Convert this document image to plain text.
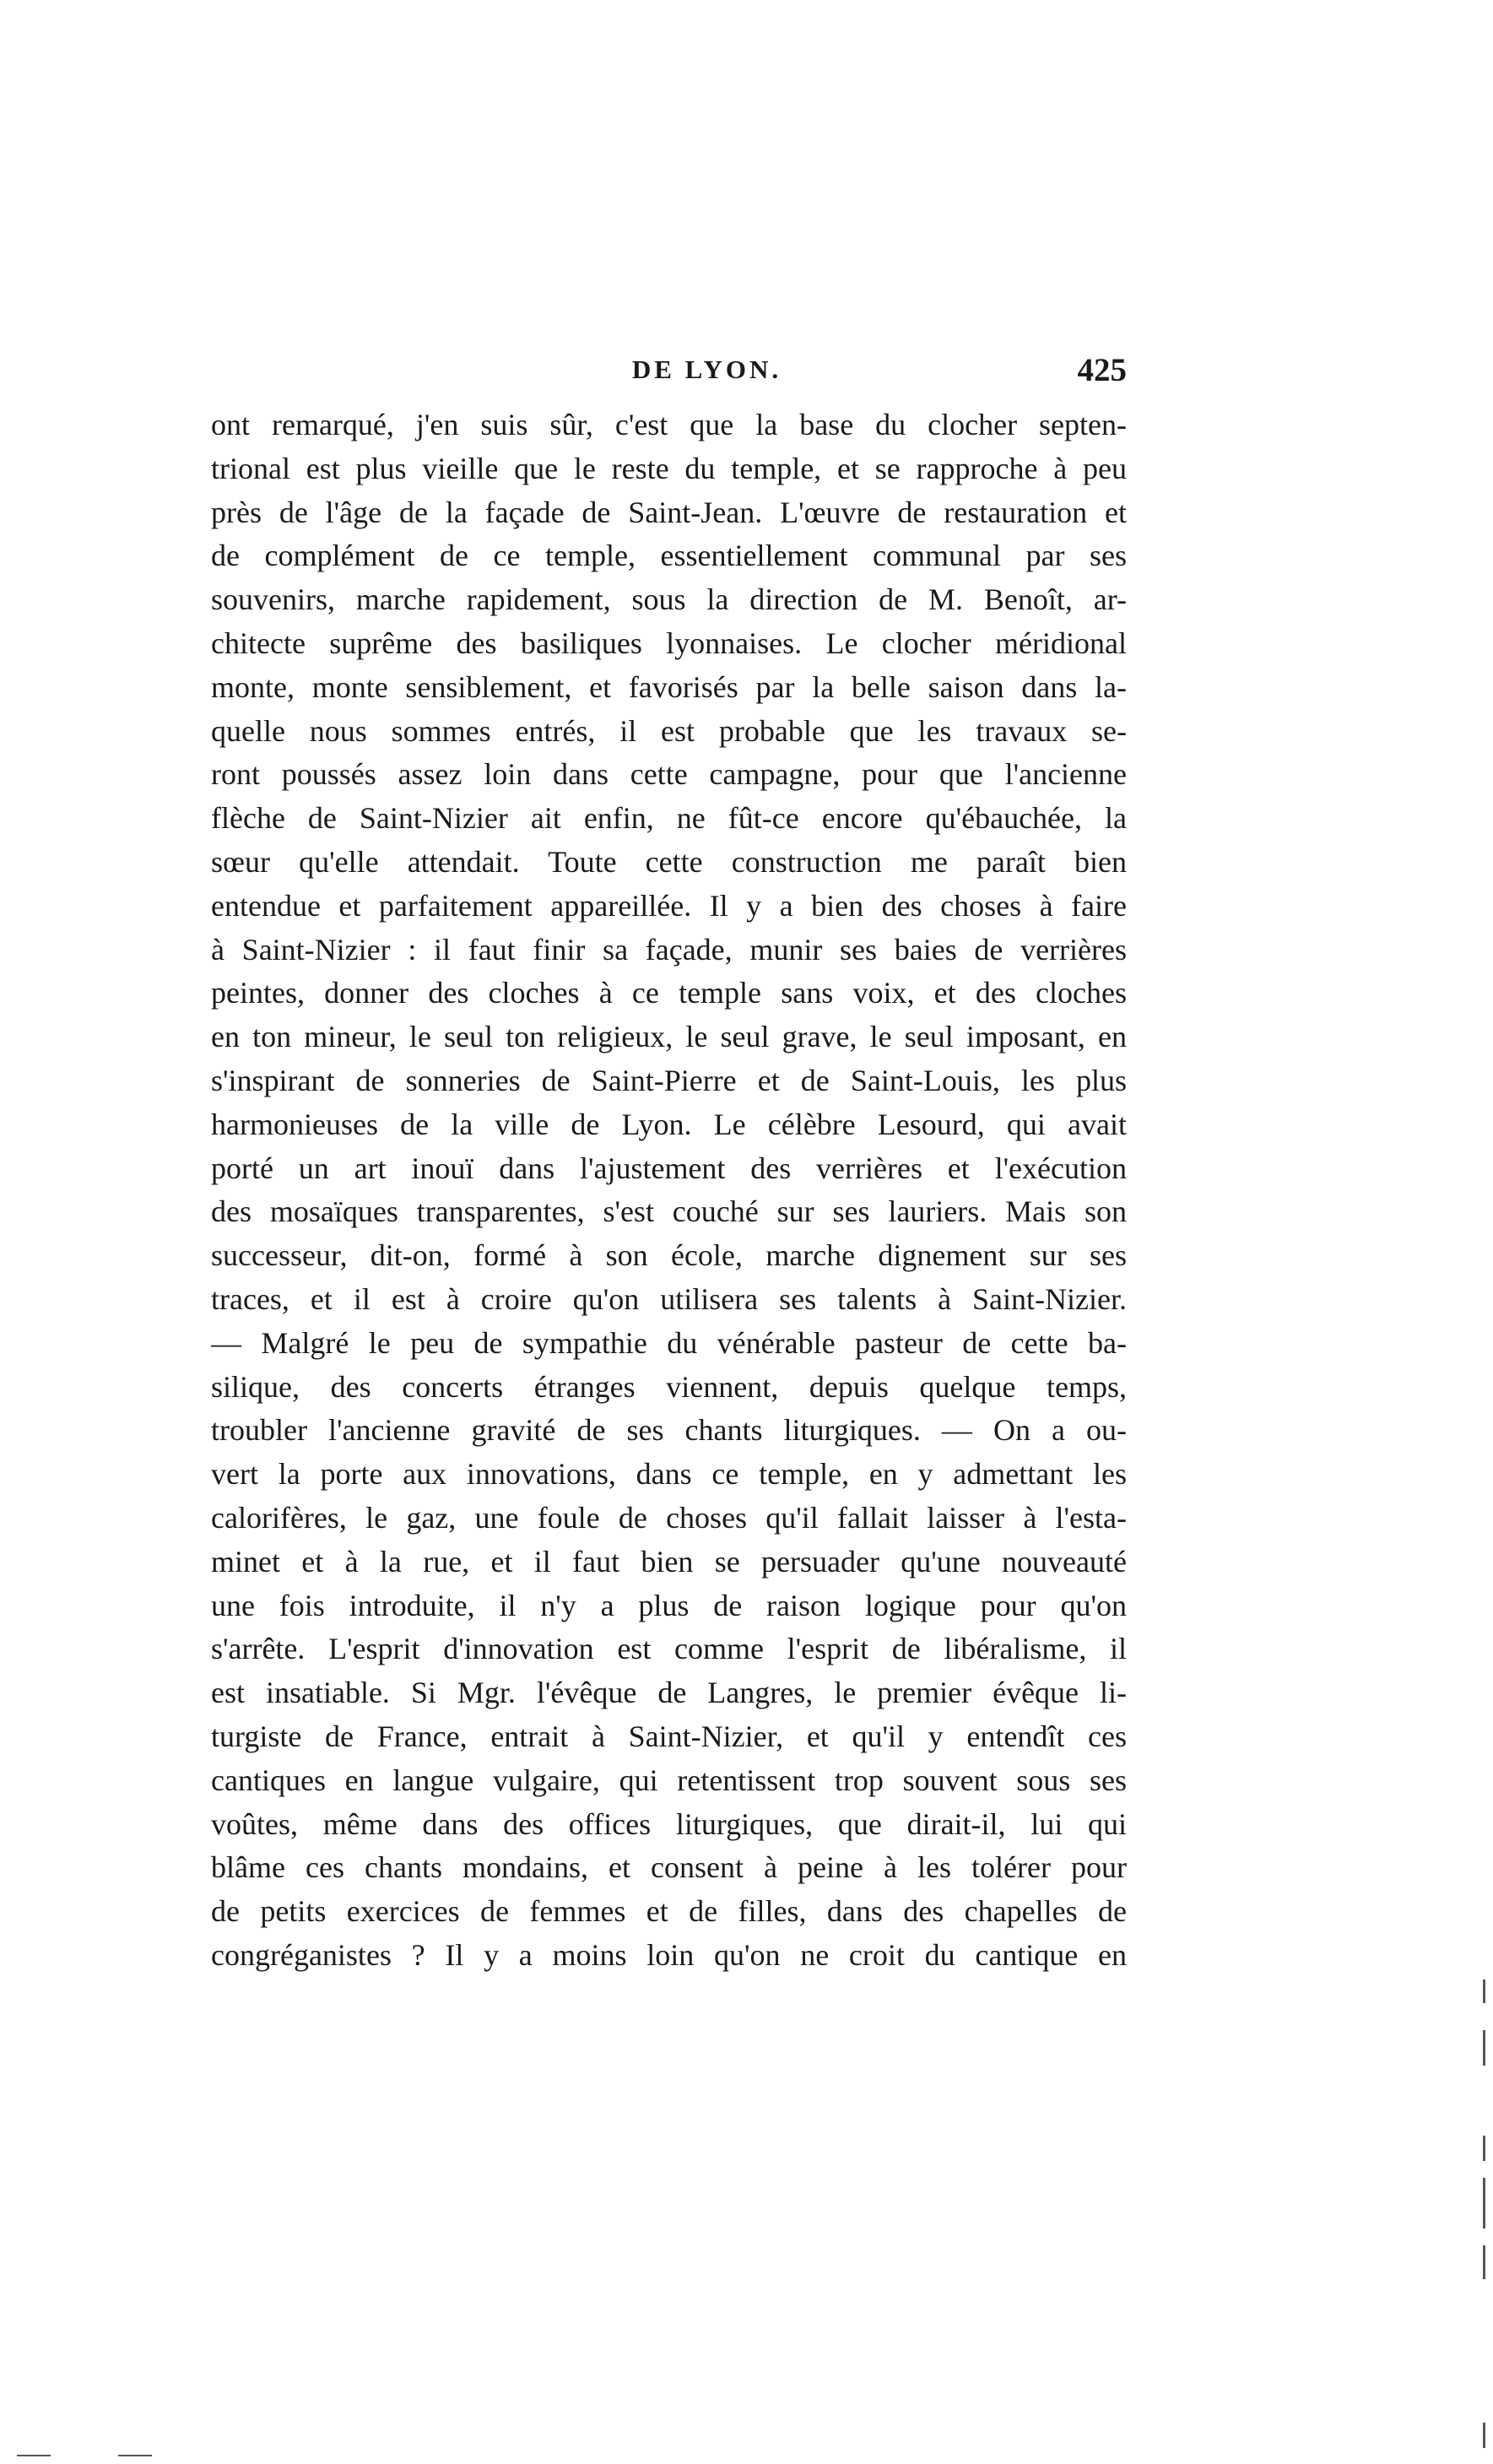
DE LYON.	425
ont remarqué, j'en suis sûr, c'est que la base du clocher septen-
trional est plus vieille que le reste du temple, et se rapproche à peu
près de l'âge de la façade de Saint-Jean. L'œuvre de restauration et
de complément de ce temple, essentiellement communal par ses
souvenirs, marche rapidement, sous la direction de M. Benoît, ar-
chitecte suprême des basiliques lyonnaises. Le clocher méridional
monte, monte sensiblement, et favorisés par la belle saison dans la-
quelle nous sommes entrés, il est probable que les travaux se-
ront poussés assez loin dans cette campagne, pour que l'ancienne
flèche de Saint-Nizier ait enfin, ne fût-ce encore qu'ébauchée, la
sœur qu'elle attendait. Toute cette construction me paraît bien
entendue et parfaitement appareillée. Il y a bien des choses à faire
à Saint-Nizier : il faut finir sa façade, munir ses baies de verrières
peintes, donner des cloches à ce temple sans voix, et des cloches
en ton mineur, le seul ton religieux, le seul grave, le seul imposant, en
s'inspirant de sonneries de Saint-Pierre et de Saint-Louis, les plus
harmonieuses de la ville de Lyon. Le célèbre Lesourd, qui avait
porté un art inouï dans l'ajustement des verrières et l'exécution
des mosaïques transparentes, s'est couché sur ses lauriers. Mais son
successeur, dit-on, formé à son école, marche dignement sur ses
traces, et il est à croire qu'on utilisera ses talents à Saint-Nizier.
— Malgré le peu de sympathie du vénérable pasteur de cette ba-
silique, des concerts étranges viennent, depuis quelque temps,
troubler l'ancienne gravité de ses chants liturgiques. — On a ou-
vert la porte aux innovations, dans ce temple, en y admettant les
calorifères, le gaz, une foule de choses qu'il fallait laisser à l'esta-
minet et à la rue, et il faut bien se persuader qu'une nouveauté
une fois introduite, il n'y a plus de raison logique pour qu'on
s'arrête. L'esprit d'innovation est comme l'esprit de libéralisme, il
est insatiable. Si Mgr. l'évêque de Langres, le premier évêque li-
turgiste de France, entrait à Saint-Nizier, et qu'il y entendît ces
cantiques en langue vulgaire, qui retentissent trop souvent sous ses
voûtes, même dans des offices liturgiques, que dirait-il, lui qui
blâme ces chants mondains, et consent à peine à les tolérer pour
de petits exercices de femmes et de filles, dans des chapelles de
congréganistes ? Il y a moins loin qu'on ne croit du cantique en
